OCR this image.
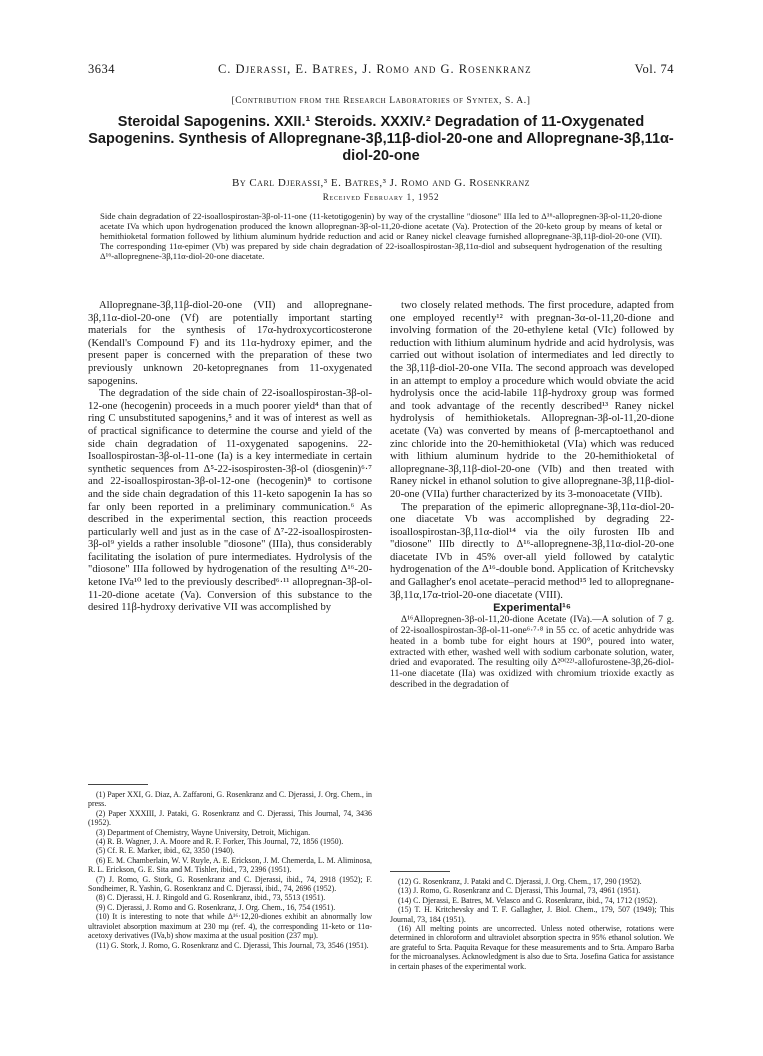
3634	C. Djerassi, E. Batres, J. Romo and G. Rosenkranz	Vol. 74
[Contribution from the Research Laboratories of Syntex, S. A.]
Steroidal Sapogenins. XXII.¹ Steroids. XXXIV.² Degradation of 11-Oxygenated Sapogenins. Synthesis of Allopregnane-3β,11β-diol-20-one and Allopregnane-3β,11α-diol-20-one
By Carl Djerassi,³ E. Batres,³ J. Romo and G. Rosenkranz
Received February 1, 1952
Side chain degradation of 22-isoallospirostan-3β-ol-11-one (11-ketotigogenin) by way of the crystalline "diosone" IIIa led to Δ¹⁶-allopregnen-3β-ol-11,20-dione acetate IVa which upon hydrogenation produced the known allopregnan-3β-ol-11,20-dione acetate (Va). Protection of the 20-keto group by means of ketal or hemithioketal formation followed by lithium aluminum hydride reduction and acid or Raney nickel cleavage furnished allopregnane-3β,11β-diol-20-one (VII). The corresponding 11α-epimer (Vb) was prepared by side chain degradation of 22-isoallospirostan-3β,11α-diol and subsequent hydrogenation of the resulting Δ¹⁶-allopregnene-3β,11α-diol-20-one diacetate.

Allopregnane-3β,11β-diol-20-one (VII) and allopregnane-3β,11α-diol-20-one (Vf) are potentially important starting materials for the synthesis of 17α-hydroxycorticosterone (Kendall's Compound F) and its 11α-hydroxy epimer, and the present paper is concerned with the preparation of these two previously unknown 20-ketopregnanes from 11-oxygenated sapogenins.

The degradation of the side chain of 22-isoallospirostan-3β-ol-12-one (hecogenin) proceeds in a much poorer yield⁴ than that of ring C unsubstituted sapogenins,⁵ and it was of interest as well as of practical significance to determine the course and yield of the side chain degradation of 11-oxygenated sapogenins. 22-Isoallospirostan-3β-ol-11-one (Ia) is a key intermediate in certain synthetic sequences from Δ⁵-22-isospirosten-3β-ol (diosgenin)⁶·⁷ and 22-isoallospirostan-3β-ol-12-one (hecogenin)⁸ to cortisone and the side chain degradation of this 11-keto sapogenin Ia has so far only been reported in a preliminary communication.⁶ As described in the experimental section, this reaction proceeds particularly well and just as in the case of Δ⁷-22-isoallospirosten-3β-ol⁹ yields a rather insoluble "diosone" (IIIa), thus considerably facilitating the isolation of pure intermediates. Hydrolysis of the "diosone" IIIa followed by hydrogenation of the resulting Δ¹⁶-20-ketone IVa¹⁰ led to the previously described⁶·¹¹ allopregnan-3β-ol-11-20-dione acetate (Va). Conversion of this substance to the desired 11β-hydroxy derivative VII was accomplished by

two closely related methods. The first procedure, adapted from one employed recently¹² with pregnan-3α-ol-11,20-dione and involving formation of the 20-ethylene ketal (VIc) followed by reduction with lithium aluminum hydride and acid hydrolysis, was carried out without isolation of intermediates and led directly to the 3β,11β-diol-20-one VIIa. The second approach was developed in an attempt to employ a procedure which would obviate the acid hydrolysis once the acid-labile 11β-hydroxy group was formed and took advantage of the recently described¹³ Raney nickel hydrolysis of hemithioketals. Allopregnan-3β-ol-11,20-dione acetate (Va) was converted by means of β-mercaptoethanol and zinc chloride into the 20-hemithioketal (VIa) which was reduced with lithium aluminum hydride to the 20-hemithioketal of allopregnane-3β,11β-diol-20-one (VIb) and then treated with Raney nickel in ethanol solution to give allopregnane-3β,11β-diol-20-one (VIIa) further characterized by its 3-monoacetate (VIIb).

The preparation of the epimeric allopregnane-3β,11α-diol-20-one diacetate Vb was accomplished by degrading 22-isoallospirostan-3β,11α-diol¹⁴ via the oily furosten IIb and "diosone" IIIb directly to Δ¹⁶-allopregnene-3β,11α-diol-20-one diacetate IVb in 45% over-all yield followed by catalytic hydrogenation of the Δ¹⁶-double bond. Application of Kritchevsky and Gallagher's enol acetate–peracid method¹⁵ led to allopregnane-3β,11α,17α-triol-20-one diacetate (VIII).

Experimental¹⁶

Δ¹⁶Allopregnen-3β-ol-11,20-dione Acetate (IVa).—A solution of 7 g. of 22-isoallospirostan-3β-ol-11-one⁶·⁷·⁸ in 55 cc. of acetic anhydride was heated in a bomb tube for eight hours at 190°, poured into water, extracted with ether, washed well with sodium carbonate solution, water, dried and evaporated. The resulting oily Δ²⁰⁽²²⁾-allofurostene-3β,26-diol-11-one diacetate (IIa) was oxidized with chromium trioxide exactly as described in the degradation of

(1) Paper XXI, G. Diaz, A. Zaffaroni, G. Rosenkranz and C. Djerassi, J. Org. Chem., in press.

(2) Paper XXXIII, J. Pataki, G. Rosenkranz and C. Djerassi, This Journal, 74, 3436 (1952).

(3) Department of Chemistry, Wayne University, Detroit, Michigan.

(4) R. B. Wagner, J. A. Moore and R. F. Forker, This Journal, 72, 1856 (1950).

(5) Cf. R. E. Marker, ibid., 62, 3350 (1940).

(6) E. M. Chamberlain, W. V. Ruyle, A. E. Erickson, J. M. Chemerda, L. M. Aliminosa, R. L. Erickson, G. E. Sita and M. Tishler, ibid., 73, 2396 (1951).

(7) J. Romo, G. Stork, G. Rosenkranz and C. Djerassi, ibid., 74, 2918 (1952); F. Sondheimer, R. Yashin, G. Rosenkranz and C. Djerassi, ibid., 74, 2696 (1952).

(8) C. Djerassi, H. J. Ringold and G. Rosenkranz, ibid., 73, 5513 (1951).

(9) C. Djerassi, J. Romo and G. Rosenkranz, J. Org. Chem., 16, 754 (1951).

(10) It is interesting to note that while Δ¹⁶·12,20-diones exhibit an abnormally low ultraviolet absorption maximum at 230 mμ (ref. 4), the corresponding 11-keto or 11α-acetoxy derivatives (IVa,b) show maxima at the usual position (237 mμ).

(11) G. Stork, J. Romo, G. Rosenkranz and C. Djerassi, This Journal, 73, 3546 (1951).

(12) G. Rosenkranz, J. Pataki and C. Djerassi, J. Org. Chem., 17, 290 (1952).

(13) J. Romo, G. Rosenkranz and C. Djerassi, This Journal, 73, 4961 (1951).

(14) C. Djerassi, E. Batres, M. Velasco and G. Rosenkranz, ibid., 74, 1712 (1952).

(15) T. H. Kritchevsky and T. F. Gallagher, J. Biol. Chem., 179, 507 (1949); This Journal, 73, 184 (1951).

(16) All melting points are uncorrected. Unless noted otherwise, rotations were determined in chloroform and ultraviolet absorption spectra in 95% ethanol solution. We are grateful to Srta. Paquita Revaque for these measurements and to Srta. Amparo Barba for the microanalyses. Acknowledgment is also due to Srta. Josefina Gatica for assistance in certain phases of the experimental work.
